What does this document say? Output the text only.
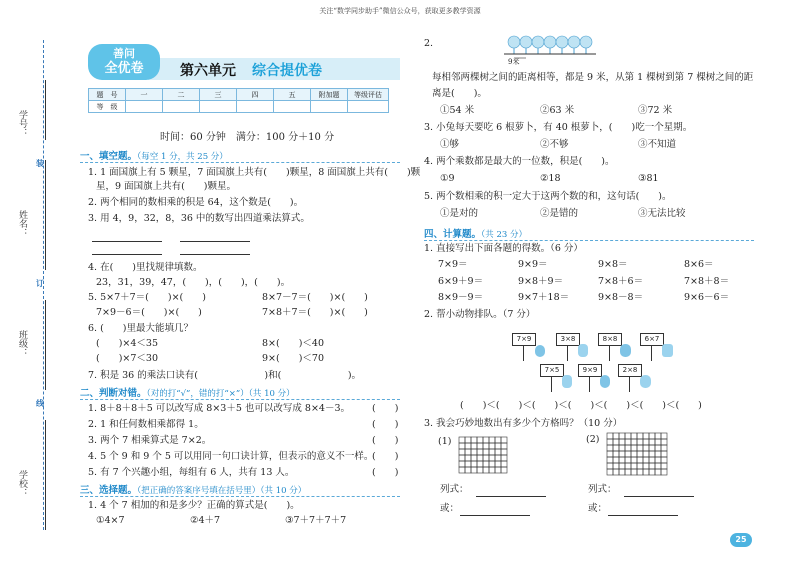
关注“数学同步助手”微信公众号，获取更多教学资源
学校：
班级：
姓名：
学号：
装
订
线
善问
全优卷	第六单元 综合提优卷
题　号	一	二	三	四	五	附加题	等级评估
等　级							
时间：60 分钟　满分：100 分＋10 分
一、填空题。（每空 1 分，共 25 分）
1. 1 面国旗上有 5 颗星，7 面国旗上共有(　　)颗星，8 面国旗上共有(　　)颗
星，9 面国旗上共有(　　)颗星。
2. 两个相同的数相乘的积是 64，这个数是(　　)。
3. 用 4，9，32，8，36 中的数写出四道乘法算式。
4. 在(　　)里找规律填数。
23，31，39，47，(　　)，(　　)，(　　)。
5. 5×7＋7＝(　　)×(　　)	8×7－7＝(　　)×(　　)
7×9－6＝(　　)×(　　)	7×8＋7＝(　　)×(　　)
6. (　　)里最大能填几？
(　　)×4＜35	8×(　　)＜40
(　　)×7＜30	9×(　　)＜70
7. 积是 36 的乘法口诀有(　　　　　　　)和(　　　　　　　)。
二、判断对错。（对的打“√”，错的打“×”）（共 10 分）
1. 8＋8＋8＋5 可以改写成 8×3＋5 也可以改写成 8×4－3。 (　　)
2. 1 和任何数相乘都得 1。	(　　)
3. 两个 7 相乘算式是 7×2。	(　　)
4. 5 个 9 和 9 个 5 可以用同一句口诀计算，但表示的意义不一样。
(　　)
5. 有 7 个兴趣小组，每组有 6 人，共有 13 人。	(　　)
三、选择题。（把正确的答案序号填在括号里）（共 10 分）
1. 4 个 7 相加的和是多少？正确的算式是(　　)。
①4×7	②4＋7	③7＋7＋7＋7
2.
9米
每相邻两棵树之间的距离相等，都是 9 米，从第 1 棵树到第 7 棵树之间的距
离是(　　)。
①54 米	②63 米	③72 米
3. 小兔每天要吃 6 根萝卜，有 40 根萝卜，(　　)吃一个星期。
①够	②不够	③不知道
4. 两个乘数都是最大的一位数，积是(　　)。
①9	②18	③81
5. 两个数相乘的积一定大于这两个数的和，这句话(　　)。
①是对的	②是错的	③无法比较
四、计算题。（共 23 分）
1. 直接写出下面各题的得数。（6 分）
7×9＝	9×9＝	9×8＝	8×6＝
6×9＋9＝	9×8＋9＝	7×8＋6＝	7×8＋8＝
8×9－9＝	9×7＋18＝	9×8－8＝	9×6－6＝
2. 帮小动物排队。（7 分）
7×9	3×8	8×8	6×7
7×5	9×9	2×8
(　　)＜(　　)＜(　　)＜(　　)＜(　　)＜(　　)＜(　　)
3. 我会巧妙地数出有多少个方格吗？（10 分）
(1)	(2)
列式：
或：
列式：
或：
25
